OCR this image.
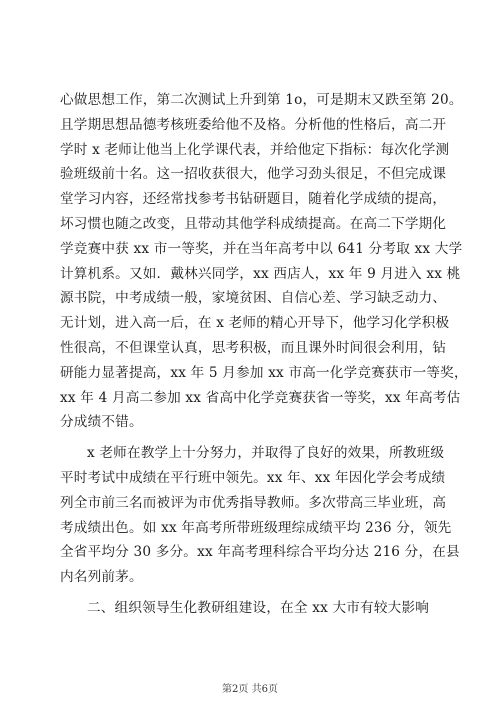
心做思想工作，第二次测试上升到第 1o，可是期末又跌至第 20。
且学期思想品德考核班委给他不及格。分析他的性格后，高二开
学时 x 老师让他当上化学课代表，并给他定下指标：每次化学测
验班级前十名。这一招收获很大，他学习劲头很足，不但完成课
堂学习内容，还经常找参考书钻研题目，随着化学成绩的提高，
坏习惯也随之改变，且带动其他学科成绩提高。在高二下学期化
学竞赛中获 xx 市一等奖，并在当年高考中以 641 分考取 xx 大学
计算机系。又如．戴林兴同学，xx 西店人，xx 年 9 月进入 xx 桃
源书院，中考成绩一般，家境贫困、自信心差、学习缺乏动力、
无计划，进入高一后，在 x 老师的精心开导下，他学习化学积极
性很高，不但课堂认真，思考积极，而且课外时间很会利用，钻
研能力显著提高，xx 年 5 月参加 xx 市高一化学竞赛获市一等奖，
xx 年 4 月高二参加 xx 省高中化学竞赛获省一等奖，xx 年高考估
分成绩不错。
x 老师在教学上十分努力，并取得了良好的效果，所教班级
平时考试中成绩在平行班中领先。xx 年、xx 年因化学会考成绩
列全市前三名而被评为市优秀指导教师。多次带高三毕业班，高
考成绩出色。如 xx 年高考所带班级理综成绩平均 236 分，领先
全省平均分 30 多分。xx 年高考理科综合平均分达 216 分，在县
内名列前茅。
二、组织领导生化教研组建设，在全 xx 大市有较大影响
第2页 共6页
